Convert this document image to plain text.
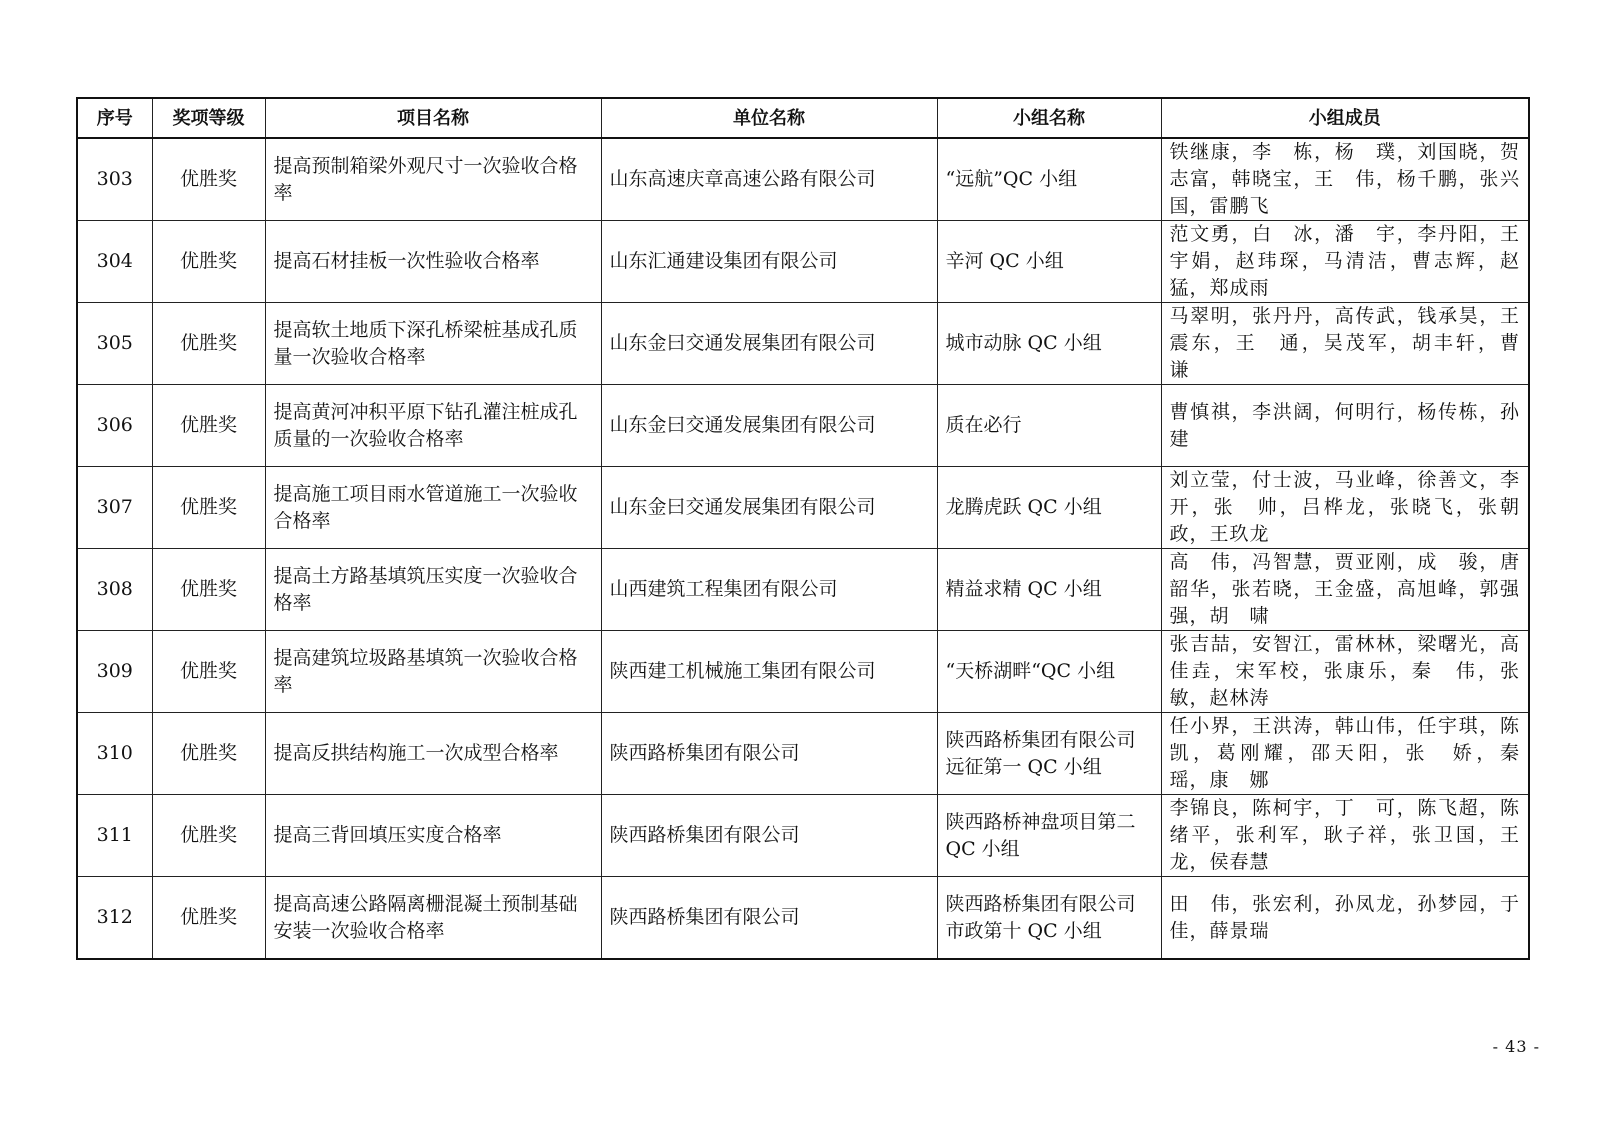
序号	奖项等级	项目名称	单位名称	小组名称	小组成员
303	优胜奖	提高预制箱梁外观尺寸一次验收合格率	山东高速庆章高速公路有限公司	“远航”QC 小组	铁继康，李　栋，杨　璞，刘国晓，贺志富，韩晓宝，王　伟，杨千鹏，张兴国，雷鹏飞
304	优胜奖	提高石材挂板一次性验收合格率	山东汇通建设集团有限公司	辛河 QC 小组	范文勇，白　冰，潘　宇，李丹阳，王宇娟，赵玮琛，马清洁，曹志辉，赵　猛，郑成雨
305	优胜奖	提高软土地质下深孔桥梁桩基成孔质量一次验收合格率	山东金曰交通发展集团有限公司	城市动脉 QC 小组	马翠明，张丹丹，高传武，钱承昊，王震东，王　通，吴茂军，胡丰轩，曹　谦
306	优胜奖	提高黄河冲积平原下钻孔灌注桩成孔质量的一次验收合格率	山东金曰交通发展集团有限公司	质在必行	曹慎祺，李洪阔，何明行，杨传栋，孙　建
307	优胜奖	提高施工项目雨水管道施工一次验收合格率	山东金曰交通发展集团有限公司	龙腾虎跃 QC 小组	刘立莹，付士波，马业峰，徐善文，李　开，张　帅，吕桦龙，张晓飞，张朝政，王玖龙
308	优胜奖	提高土方路基填筑压实度一次验收合格率	山西建筑工程集团有限公司	精益求精 QC 小组	高　伟，冯智慧，贾亚刚，成　骏，唐韶华，张若晓，王金盛，高旭峰，郭强强，胡　啸
309	优胜奖	提高建筑垃圾路基填筑一次验收合格率	陕西建工机械施工集团有限公司	“天桥湖畔“QC 小组	张吉喆，安智江，雷林林，梁曙光，高佳垚，宋军校，张康乐，秦　伟，张　敏，赵林涛
310	优胜奖	提高反拱结构施工一次成型合格率	陕西路桥集团有限公司	陕西路桥集团有限公司远征第一 QC 小组	任小界，王洪涛，韩山伟，任宇琪，陈　凯，葛刚耀，邵天阳，张　娇，秦　瑶，康　娜
311	优胜奖	提高三背回填压实度合格率	陕西路桥集团有限公司	陕西路桥神盘项目第二 QC 小组	李锦良，陈柯宇，丁　可，陈飞超，陈绪平，张利军，耿子祥，张卫国，王　龙，侯春慧
312	优胜奖	提高高速公路隔离栅混凝土预制基础安装一次验收合格率	陕西路桥集团有限公司	陕西路桥集团有限公司市政第十 QC 小组	田　伟，张宏利，孙凤龙，孙梦园，于　佳，薛景瑞
- 43 -
